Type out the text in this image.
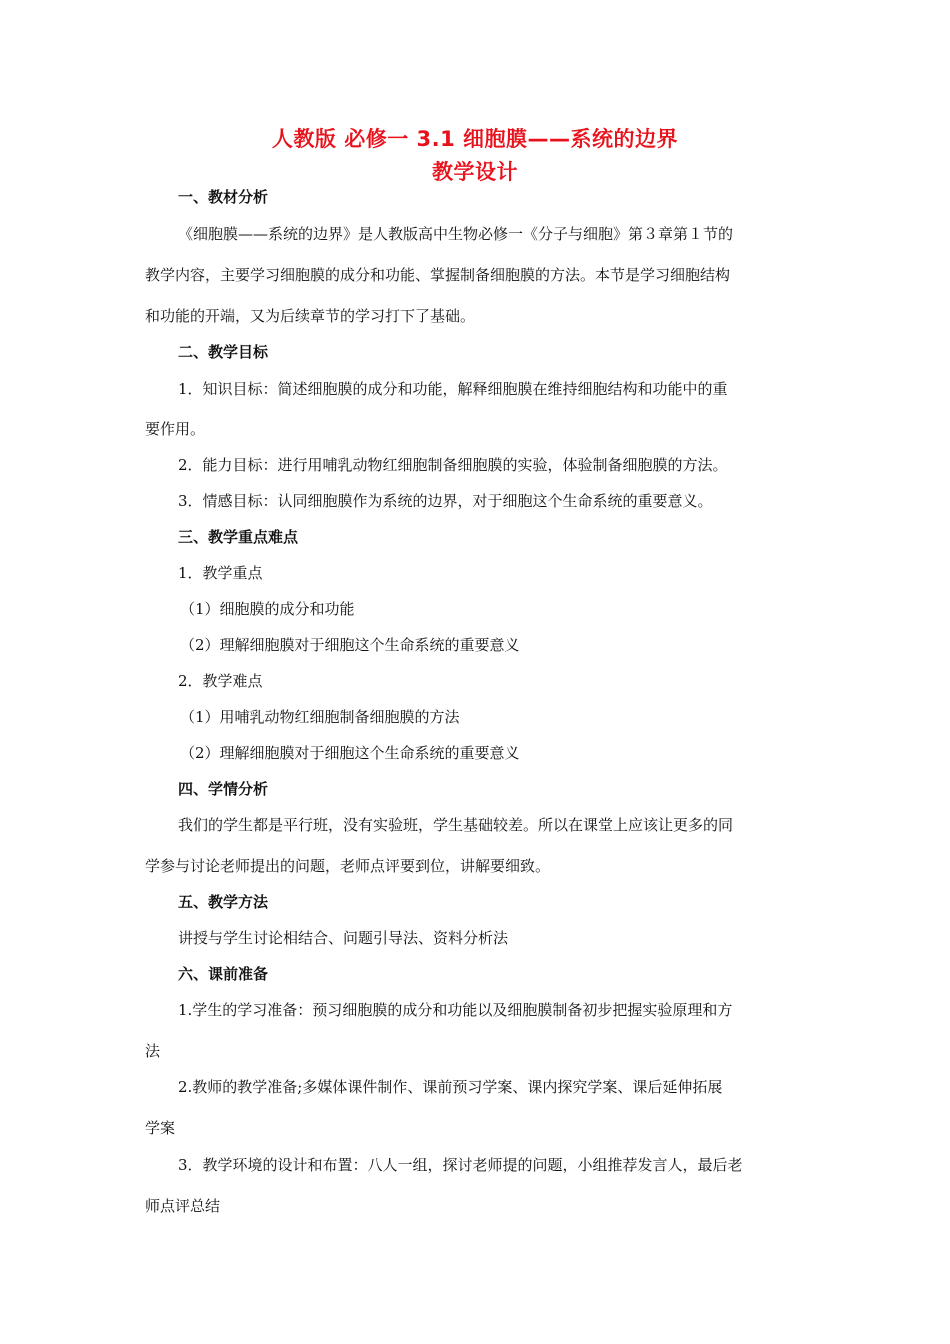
人教版 必修一 3.1 细胞膜——系统的边界
教学设计
一、教材分析
《细胞膜——系统的边界》是人教版高中生物必修一《分子与细胞》第３章第１节的
教学内容，主要学习细胞膜的成分和功能、掌握制备细胞膜的方法。本节是学习细胞结构
和功能的开端，又为后续章节的学习打下了基础。
二、教学目标
1．知识目标：简述细胞膜的成分和功能，解释细胞膜在维持细胞结构和功能中的重
要作用。
2．能力目标：进行用哺乳动物红细胞制备细胞膜的实验，体验制备细胞膜的方法。
3．情感目标：认同细胞膜作为系统的边界，对于细胞这个生命系统的重要意义。
三、教学重点难点
1．教学重点
（1）细胞膜的成分和功能
（2）理解细胞膜对于细胞这个生命系统的重要意义
2．教学难点
（1）用哺乳动物红细胞制备细胞膜的方法
（2）理解细胞膜对于细胞这个生命系统的重要意义
四、学情分析
我们的学生都是平行班，没有实验班，学生基础较差。所以在课堂上应该让更多的同
学参与讨论老师提出的问题，老师点评要到位，讲解要细致。
五、教学方法
讲授与学生讨论相结合、问题引导法、资料分析法
六、课前准备
1.学生的学习准备：预习细胞膜的成分和功能以及细胞膜制备初步把握实验原理和方
法
2.教师的教学准备;多媒体课件制作、课前预习学案、课内探究学案、课后延伸拓展
学案
3．教学环境的设计和布置：八人一组，探讨老师提的问题，小组推荐发言人，最后老
师点评总结
